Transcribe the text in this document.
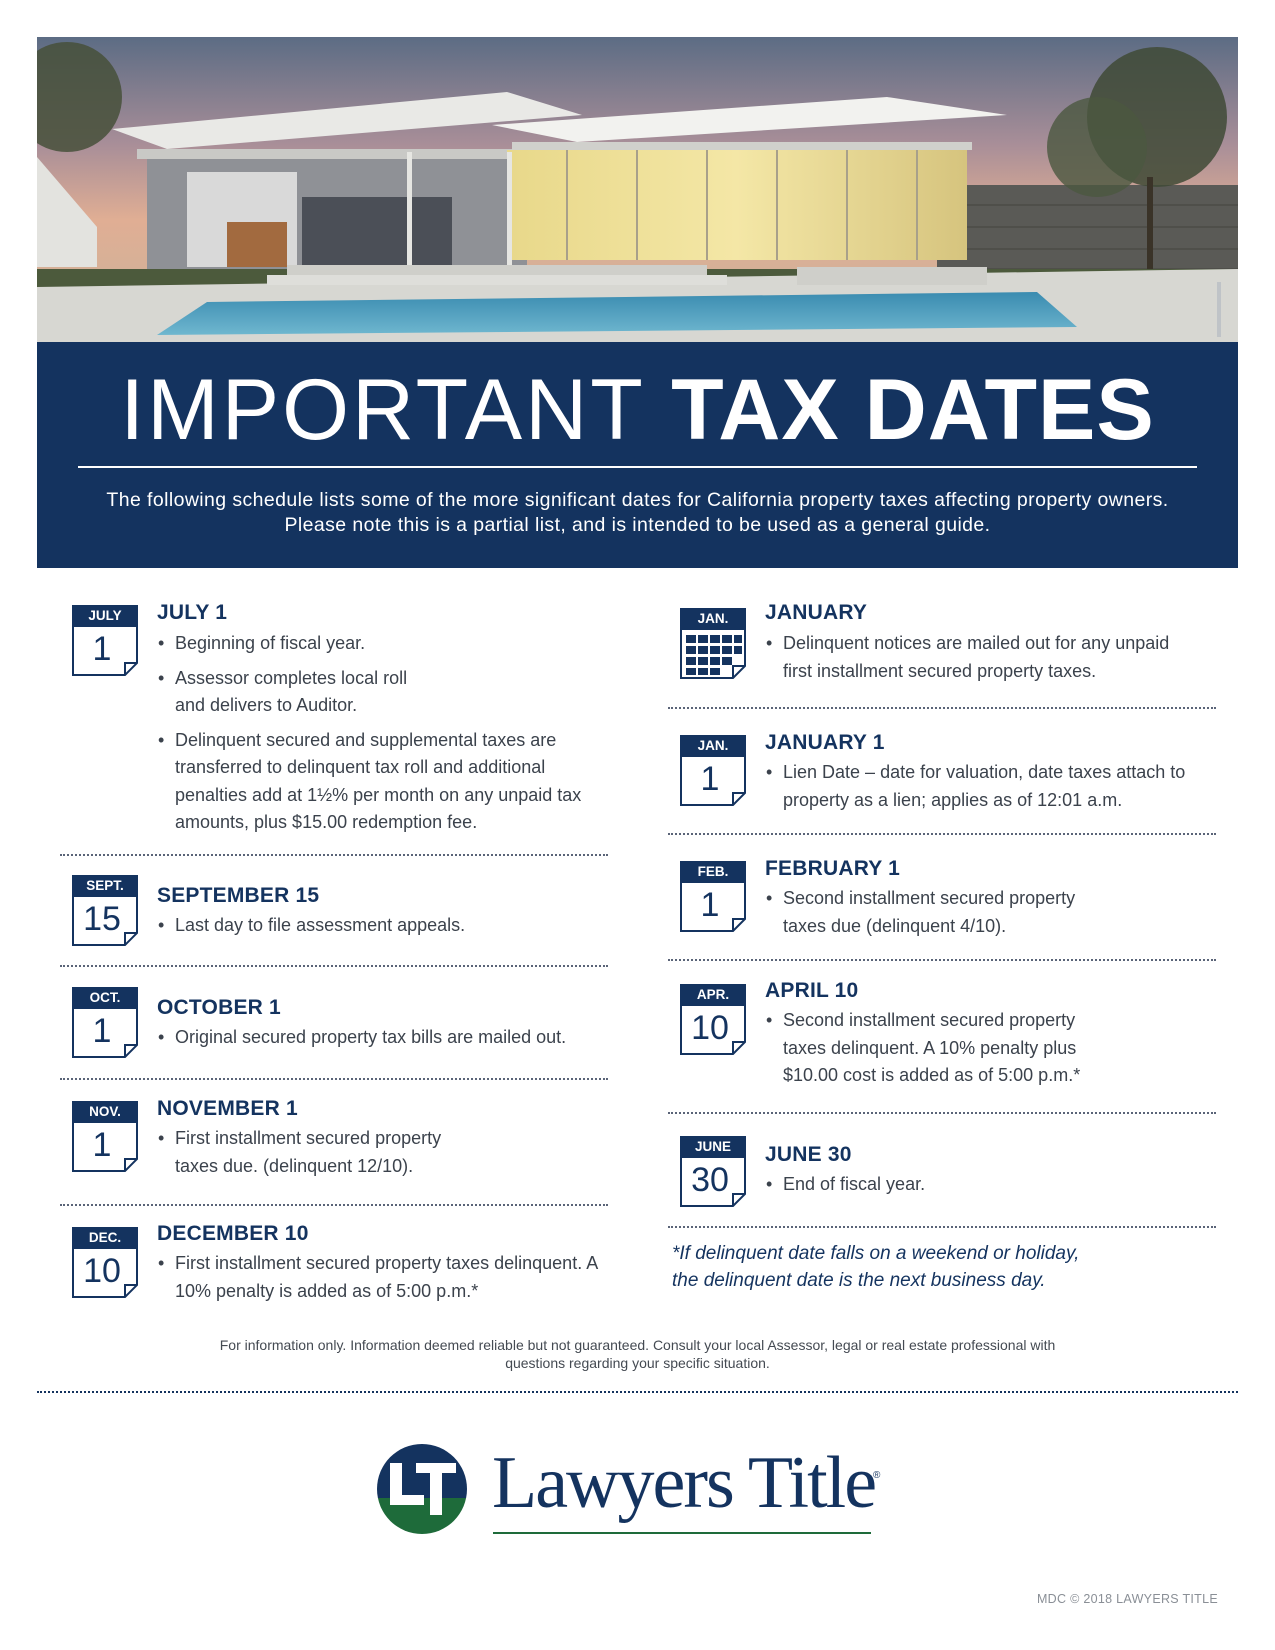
IMPORTANT TAX DATES
The following schedule lists some of the more significant dates for California property taxes affecting property owners. Please note this is a partial list, and is intended to be used as a general guide.
JULY
1
JULY 1
• Beginning of fiscal year.
• Assessor completes local roll and delivers to Auditor.
• Delinquent secured and supplemental taxes are transferred to delinquent tax roll and additional penalties add at 1½% per month on any unpaid tax amounts, plus $15.00 redemption fee.
SEPT.
15
SEPTEMBER 15
• Last day to file assessment appeals.
OCT.
1
OCTOBER 1
• Original secured property tax bills are mailed out.
NOV.
1
NOVEMBER 1
• First installment secured property taxes due. (delinquent 12/10).
DEC.
10
DECEMBER 10
• First installment secured property taxes delinquent. A 10% penalty is added as of 5:00 p.m.*
JAN.	JANUARY
• Delinquent notices are mailed out for any unpaid first installment secured property taxes.
JAN.
1
JANUARY 1
• Lien Date – date for valuation, date taxes attach to property as a lien; applies as of 12:01 a.m.
FEB.
1
FEBRUARY 1
• Second installment secured property taxes due (delinquent 4/10).
APR.
10
APRIL 10
• Second installment secured property taxes delinquent. A 10% penalty plus $10.00 cost is added as of 5:00 p.m.*
JUNE
30
JUNE 30
• End of fiscal year.
*If delinquent date falls on a weekend or holiday, the delinquent date is the next business day.
For information only. Information deemed reliable but not guaranteed. Consult your local Assessor, legal or real estate professional with questions regarding your specific situation.
Lawyers Title
®
MDC © 2018 LAWYERS TITLE
